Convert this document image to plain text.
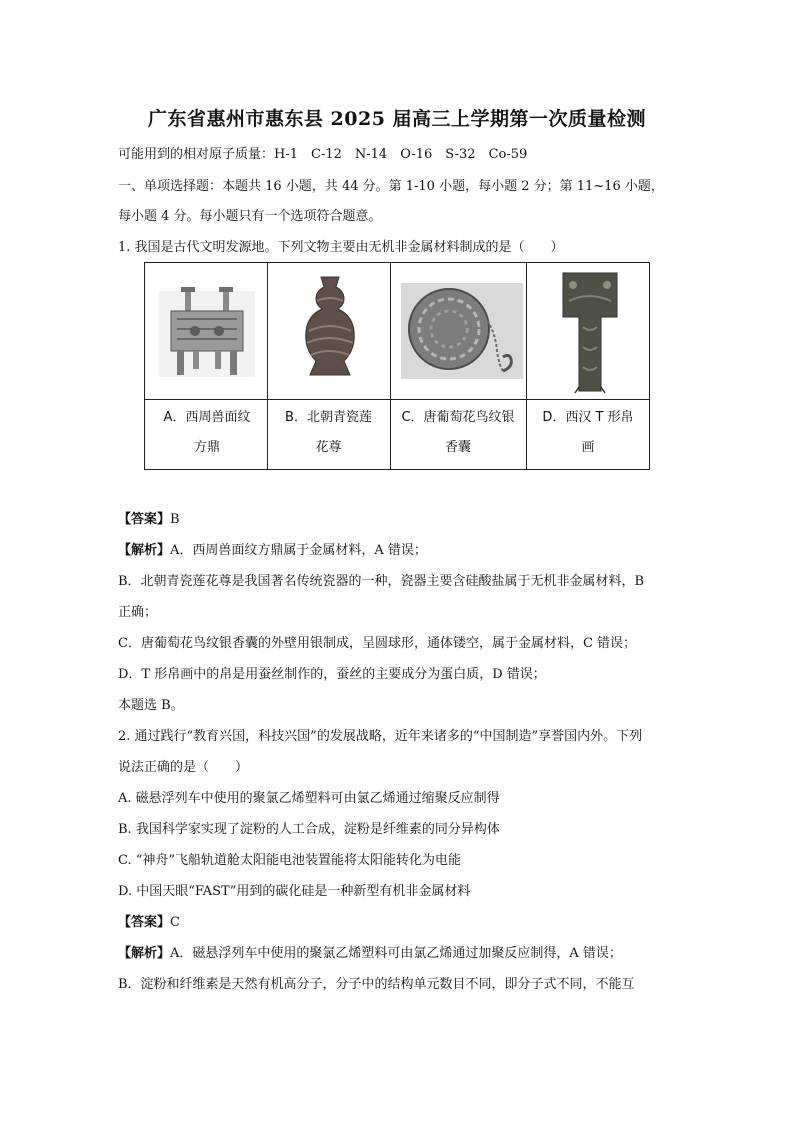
广东省惠州市惠东县 2025 届高三上学期第一次质量检测
可能用到的相对原子质量：H-1　C-12　N-14　O-16　S-32　Co-59
一、单项选择题：本题共 16 小题，共 44 分。第 1-10 小题，每小题 2 分；第 11~16 小题，
每小题 4 分。每小题只有一个选项符合题意。
1. 我国是古代文明发源地。下列文物主要由无机非金属材料制成的是（　　）
A．西周兽面纹
方鼎
B．北朝青瓷莲
花尊
C．唐葡萄花鸟纹银
香囊
D．西汉 T 形帛
画
【答案】B
【解析】A．西周兽面纹方鼎属于金属材料，A 错误；
B．北朝青瓷莲花尊是我国著名传统瓷器的一种，瓷器主要含硅酸盐属于无机非金属材料，B
正确；
C．唐葡萄花鸟纹银香囊的外壁用银制成，呈圆球形，通体镂空，属于金属材料，C 错误；
D．T 形帛画中的帛是用蚕丝制作的，蚕丝的主要成分为蛋白质，D 错误；
本题选 B。
2. 通过践行“教育兴国，科技兴国”的发展战略，近年来诸多的“中国制造”享誉国内外。下列
说法正确的是（　　）
A. 磁悬浮列车中使用的聚氯乙烯塑料可由氯乙烯通过缩聚反应制得
B. 我国科学家实现了淀粉的人工合成，淀粉是纤维素的同分异构体
C. “神舟”飞船轨道舱太阳能电池装置能将太阳能转化为电能
D. 中国天眼“FAST”用到的碳化硅是一种新型有机非金属材料
【答案】C
【解析】A．磁悬浮列车中使用的聚氯乙烯塑料可由氯乙烯通过加聚反应制得，A 错误；
B．淀粉和纤维素是天然有机高分子，分子中的结构单元数目不同，即分子式不同，不能互
